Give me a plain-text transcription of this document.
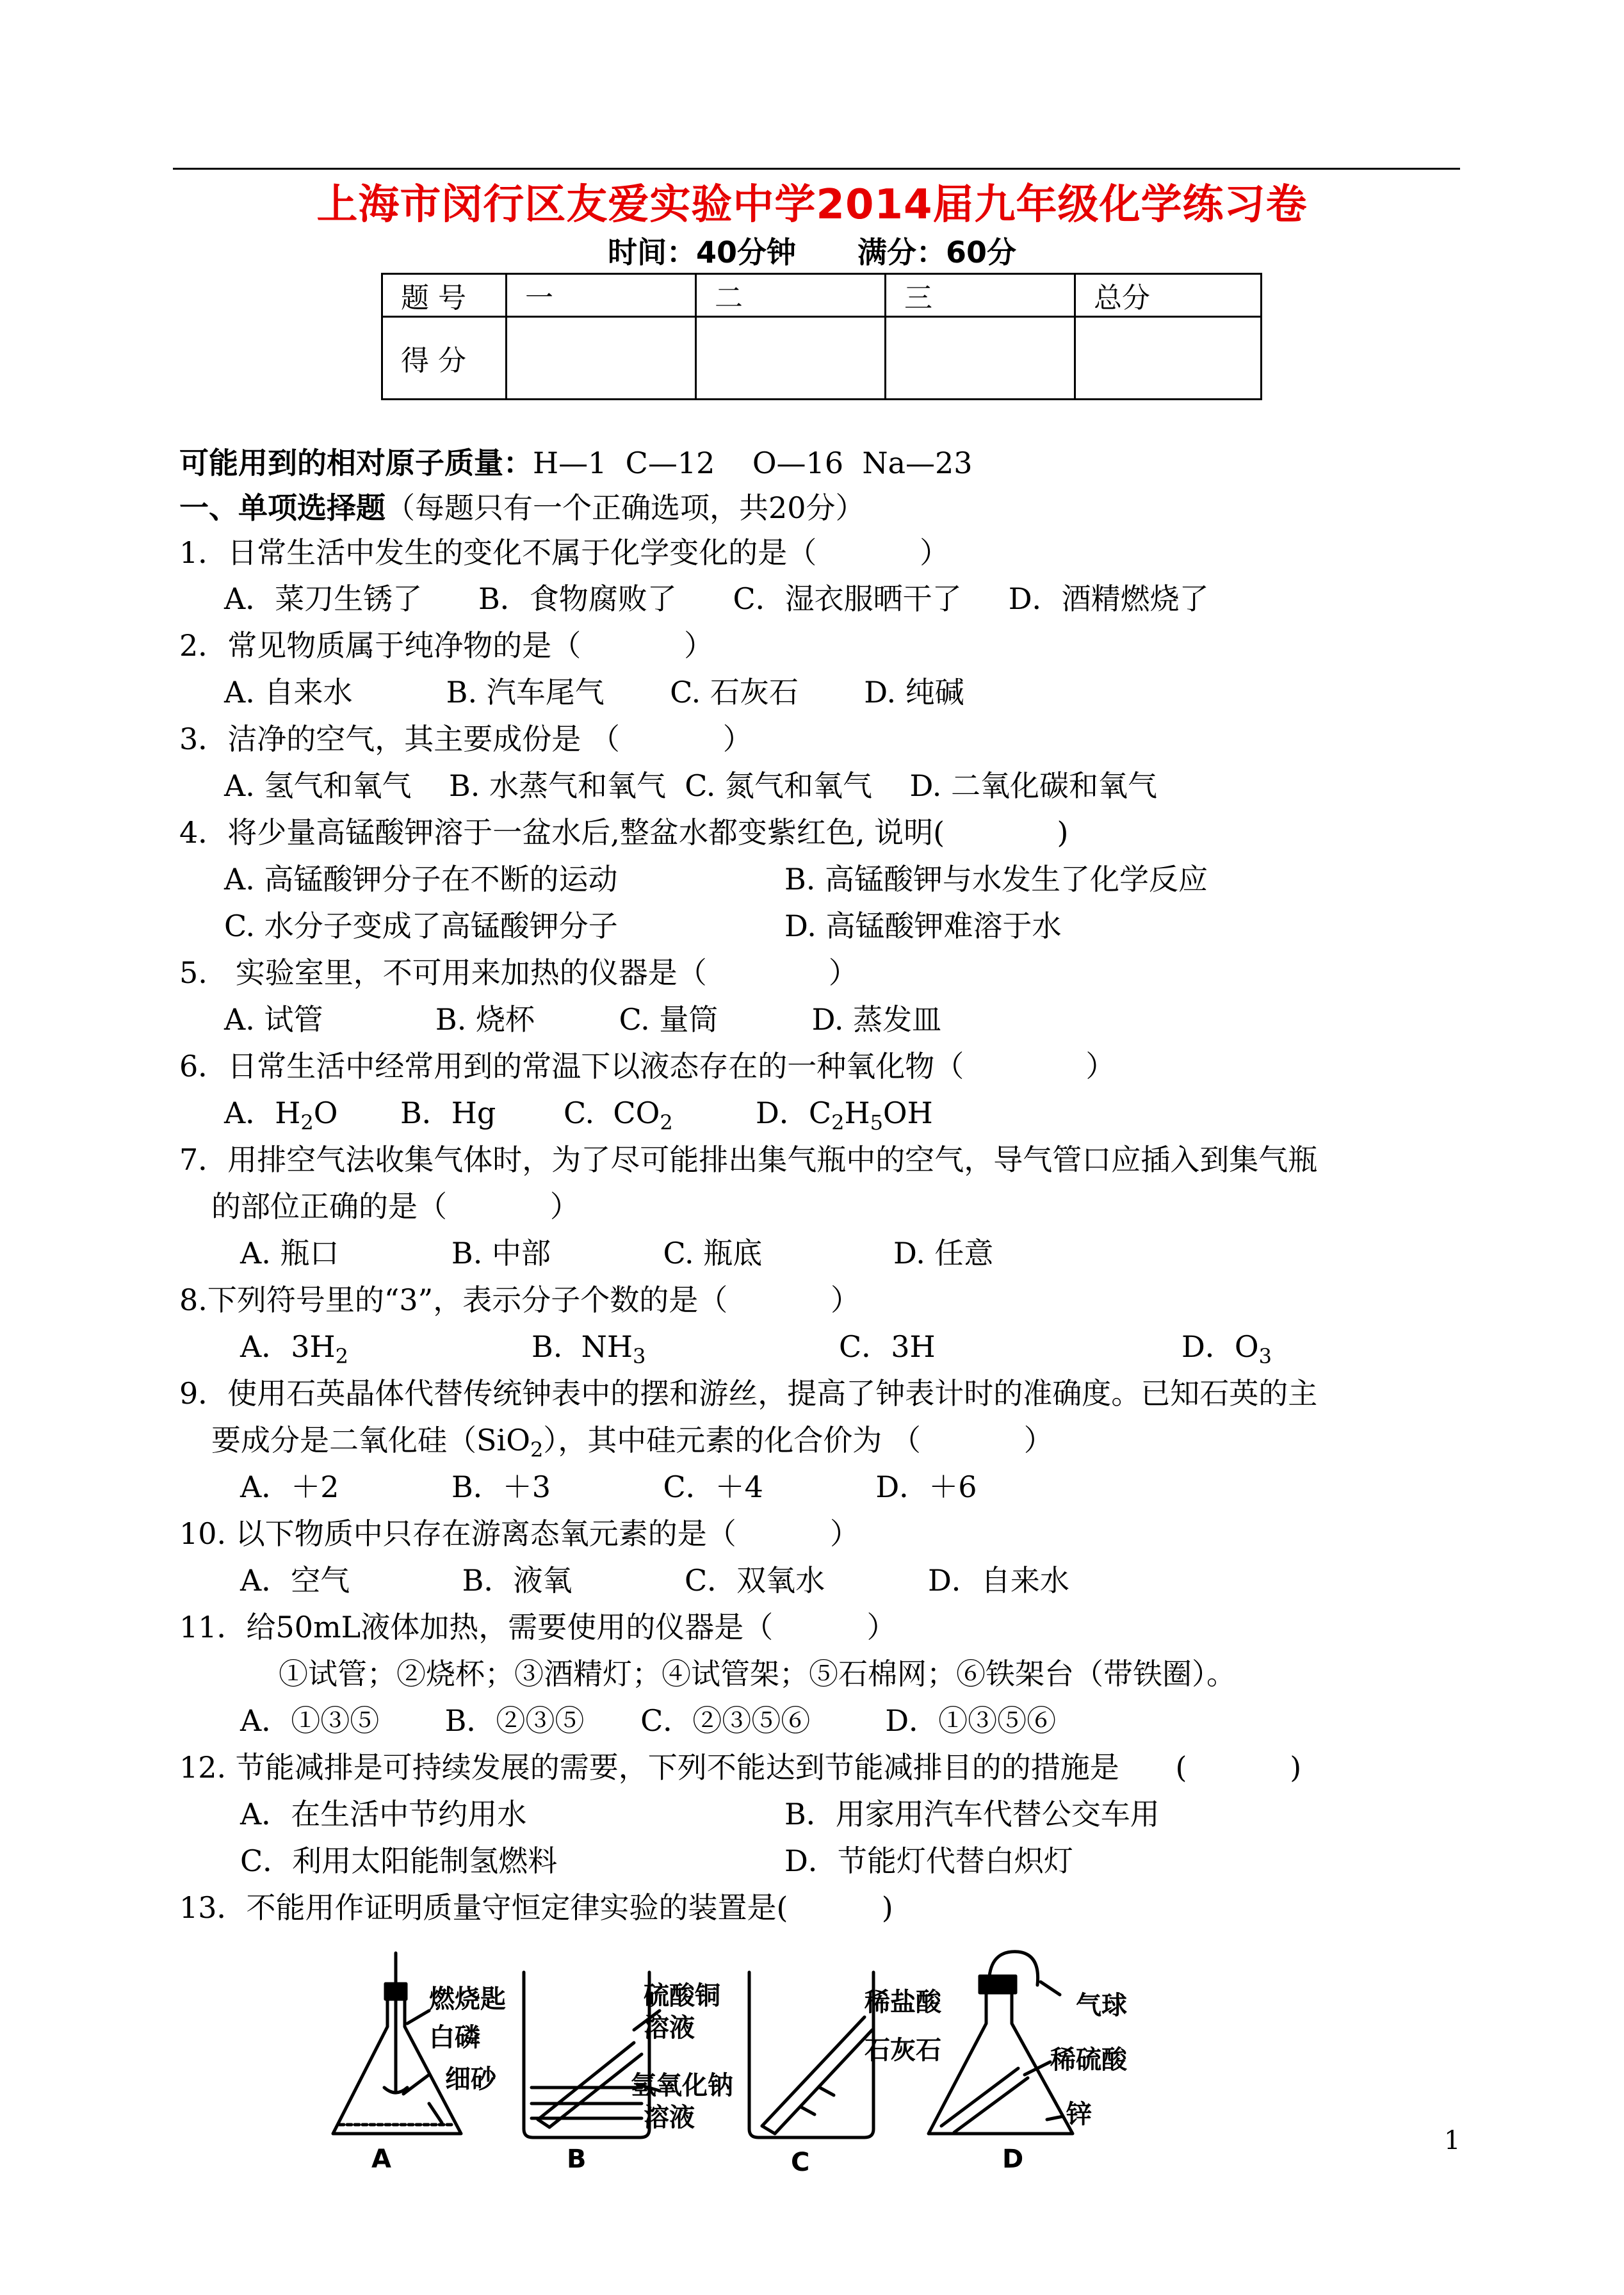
上海市闵行区友爱实验中学2014届九年级化学练习卷
时间：40分钟 满分：60分
题 号	一	二	三	总分
得 分				
可能用到的相对原子质量：H—1  C—12    O—16  Na—23
一、单项选择题（每题只有一个正确选项，共20分）
1．日常生活中发生的变化不属于化学变化的是（           ）
A．菜刀生锈了      B．食物腐败了      C．湿衣服晒干了     D．酒精燃烧了
2．常见物质属于纯净物的是（           ）
A. 自来水          B. 汽车尾气       C. 石灰石       D. 纯碱
3．洁净的空气，其主要成份是 （           ）
A. 氢气和氧气    B. 水蒸气和氧气  C. 氮气和氧气    D. 二氧化碳和氧气
4．将少量高锰酸钾溶于一盆水后,整盆水都变紫红色, 说明(            )
A. 高锰酸钾分子在不断的运动	B. 高锰酸钾与水发生了化学反应
C. 水分子变成了高锰酸钾分子	D. 高锰酸钾难溶于水
5.   实验室里，不可用来加热的仪器是（             ）
A. 试管            B. 烧杯         C. 量筒          D. 蒸发皿
6．日常生活中经常用到的常温下以液态存在的一种氧化物（             ）
A．$H_2O$ B．Hg C.  $CO_2$	D．$C_2H_5OH$
7．用排空气法收集气体时，为了尽可能排出集气瓶中的空气，导气管口应插入到集气瓶
的部位正确的是（           ）
A. 瓶口            B. 中部            C. 瓶底              D. 任意
8.下列符号里的“3”，表示分子个数的是（           ）
A．$3H_2$	B.  $NH_3$	C．3H	D．$O_3$
9．使用石英晶体代替传统钟表中的摆和游丝，提高了钟表计时的准确度。已知石英的主
要成分是二氧化硅（SiO$_2$），其中硅元素的化合价为 （           ）
A．＋2            B．＋3            C．＋4            D．＋6
10. 以下物质中只存在游离态氧元素的是（          ）
A．空气            B．液氧            C．双氧水           D．自来水
11．给50mL液体加热，需要使用的仪器是（          ）
①试管；②烧杯；③酒精灯；④试管架；⑤石棉网；⑥铁架台（带铁圈）。
A．①③⑤       B．②③⑤      C．②③⑤⑥        D．①③⑤⑥
12. 节能减排是可持续发展的需要，下列不能达到节能减排目的的措施是      (           )
A．在生活中节约用水	B．用家用汽车代替公交车用
C．利用太阳能制氢燃料	D．节能灯代替白炽灯
13．不能用作证明质量守恒定律实验的装置是(          )
燃烧匙
白磷
细砂
硫酸铜
溶液
氢氧化钠
溶液
稀盐酸
石灰石
气球
稀硫酸
锌
A	B	C	D
1
